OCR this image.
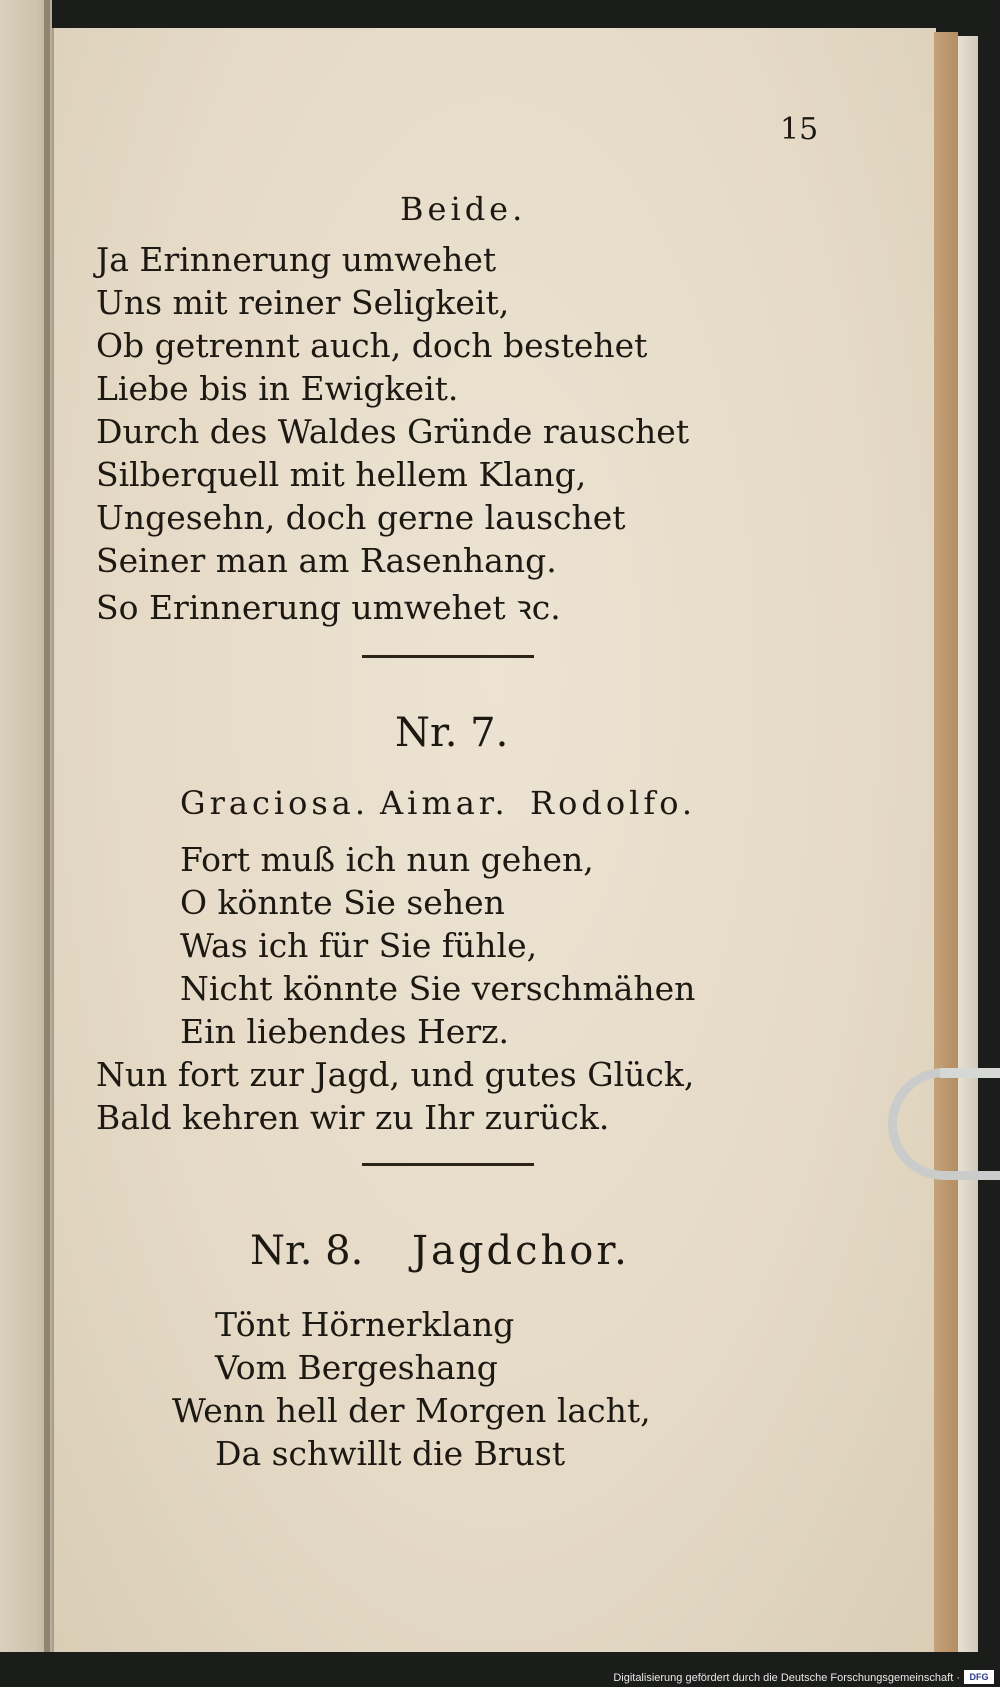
15
Beide.
Ja Erinnerung umwehet
Uns mit reiner Seligkeit,
Ob getrennt auch, doch bestehet
Liebe bis in Ewigkeit.
Durch des Waldes Gründe rauschet
Silberquell mit hellem Klang,
Ungesehn, doch gerne lauschet
Seiner man am Rasenhang.
So Erinnerung umwehet ꝛc.
Nr. 7.
Graciosa. Aimar. Rodolfo.
Fort muß ich nun gehen,
O könnte Sie sehen
Was ich für Sie fühle,
Nicht könnte Sie verschmähen
Ein liebendes Herz.
Nun fort zur Jagd, und gutes Glück,
Bald kehren wir zu Ihr zurück.
Nr. 8. Jagdchor.
Tönt Hörnerklang
Vom Bergeshang
Wenn hell der Morgen lacht,
Da schwillt die Brust
Digitalisierung gefördert durch die Deutsche Forschungsgemeinschaft ·	DFG
